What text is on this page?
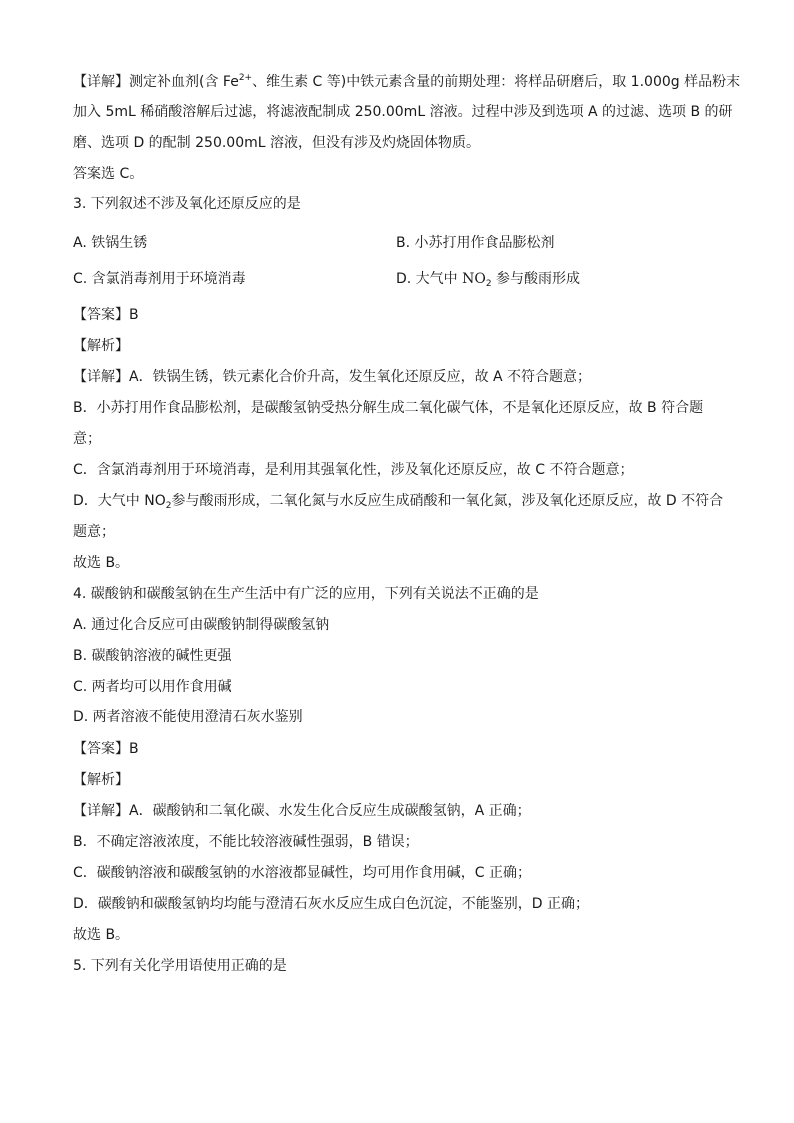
【详解】测定补血剂(含 $Fe^{2+}$、维生素 C 等)中铁元素含量的前期处理：将样品研磨后，取 1.000g 样品粉末
加入 5mL 稀硝酸溶解后过滤，将滤液配制成 250.00mL 溶液。过程中涉及到选项 A 的过滤、选项 B 的研
磨、选项 D 的配制 250.00mL 溶液，但没有涉及灼烧固体物质。
答案选 C。
3. 下列叙述不涉及氧化还原反应的是
A. 铁锅生锈	B. 小苏打用作食品膨松剂
C. 含氯消毒剂用于环境消毒	D. 大气中 $NO_2$ 参与酸雨形成
【答案】B
【解析】
【详解】A．铁锅生锈，铁元素化合价升高，发生氧化还原反应，故 A 不符合题意；
B．小苏打用作食品膨松剂，是碳酸氢钠受热分解生成二氧化碳气体，不是氧化还原反应，故 B 符合题
意；
C．含氯消毒剂用于环境消毒，是利用其强氧化性，涉及氧化还原反应，故 C 不符合题意；
D．大气中 $NO_2$参与酸雨形成，二氧化氮与水反应生成硝酸和一氧化氮，涉及氧化还原反应，故 D 不符合
题意；
故选 B。
4. 碳酸钠和碳酸氢钠在生产生活中有广泛的应用，下列有关说法不正确的是
A. 通过化合反应可由碳酸钠制得碳酸氢钠
B. 碳酸钠溶液的碱性更强
C. 两者均可以用作食用碱
D. 两者溶液不能使用澄清石灰水鉴别
【答案】B
【解析】
【详解】A．碳酸钠和二氧化碳、水发生化合反应生成碳酸氢钠，A 正确；
B．不确定溶液浓度，不能比较溶液碱性强弱，B 错误；
C．碳酸钠溶液和碳酸氢钠的水溶液都显碱性，均可用作食用碱，C 正确；
D．碳酸钠和碳酸氢钠均均能与澄清石灰水反应生成白色沉淀，不能鉴别，D 正确；
故选 B。
5. 下列有关化学用语使用正确的是
